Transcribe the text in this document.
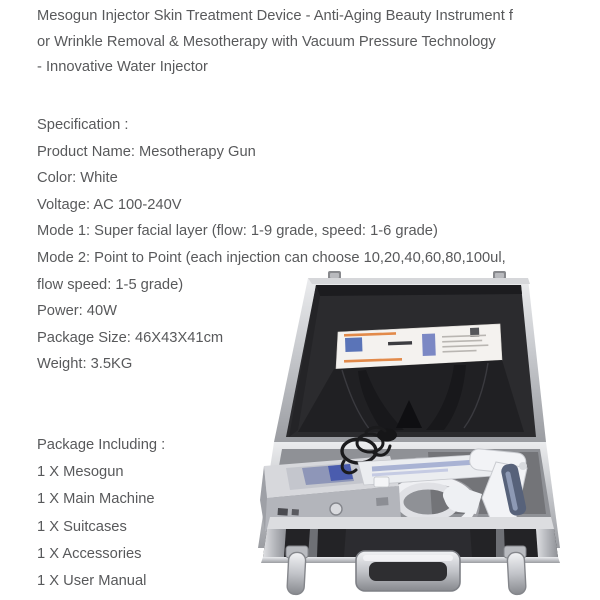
Mesogun Injector Skin Treatment Device - Anti-Aging Beauty Instrument f
or Wrinkle Removal & Mesotherapy with Vacuum Pressure Technology
- Innovative Water Injector
Specification :
Product Name: Mesotherapy Gun
Color: White
Voltage: AC 100-240V
Mode 1: Super facial layer (flow: 1-9 grade, speed: 1-6 grade)
Mode 2: Point to Point (each injection can choose 10,20,40,60,80,100ul,
flow speed: 1-5 grade)
Power: 40W
Package Size: 46X43X41cm
Weight: 3.5KG
Package Including :
1 X Mesogun
1 X Main Machine
1 X Suitcases
1 X Accessories
1 X User Manual
